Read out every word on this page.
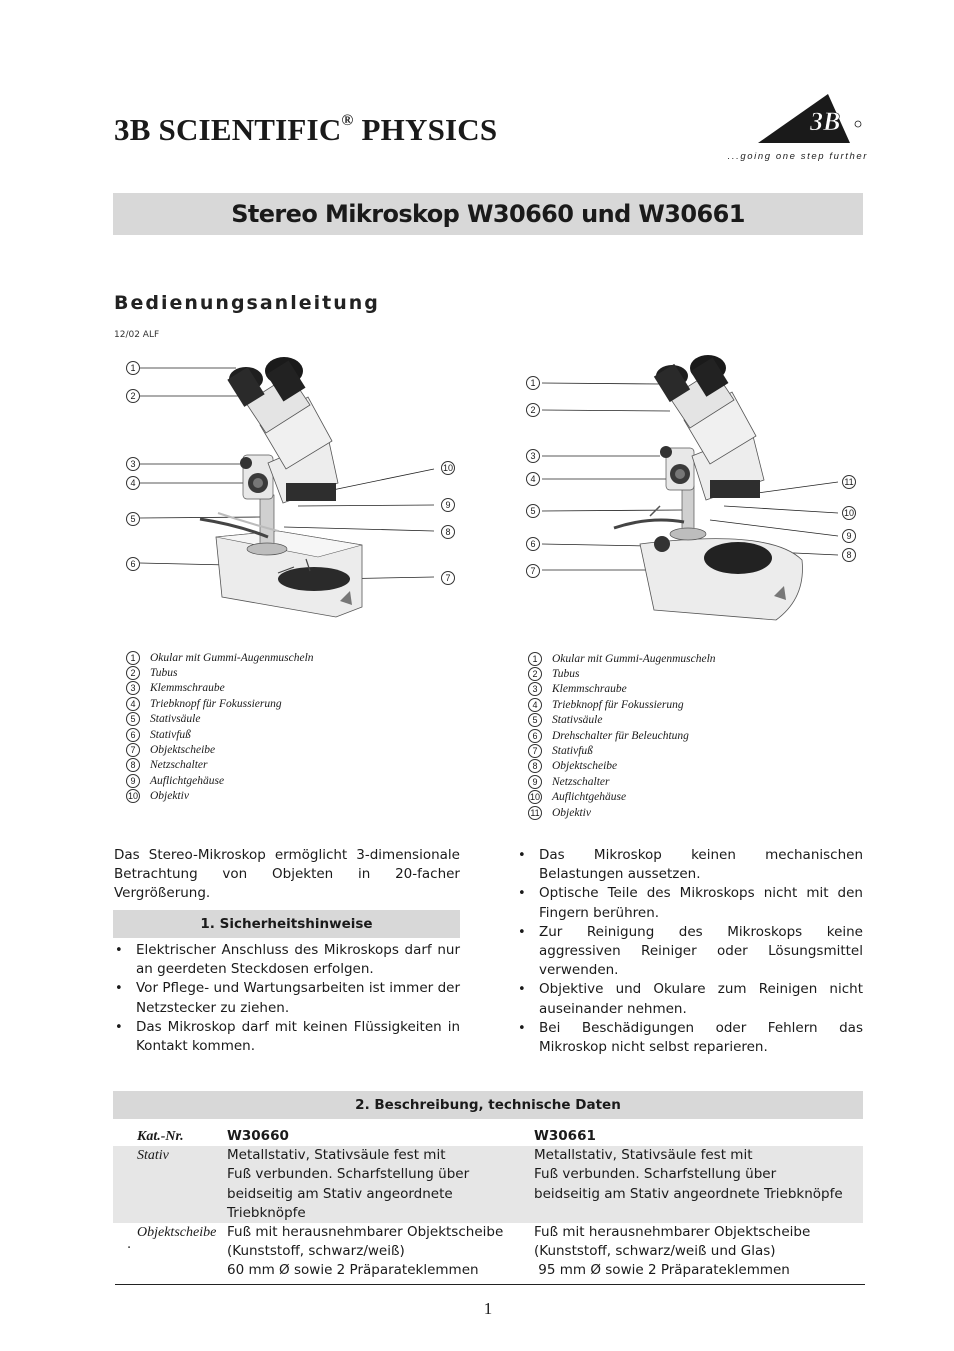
3B SCIENTIFIC® PHYSICS	3B
...going one step further
Stereo Mikroskop W30660 und W30661
Bedienungsanleitung
12/02 ALF
1
2
3
4
5
6
10
9
8
7
1
2
3
4
5
6
7
11
10
9
8
1	Okular mit Gummi-Augenmuscheln
2	Tubus
3	Klemmschraube
4	Triebknopf für Fokussierung
5	Stativsäule
6	Stativfuß
7	Objektscheibe
8	Netzschalter
9	Auflichtgehäuse
10 Objektiv
1	Okular mit Gummi-Augenmuscheln
2	Tubus
3	Klemmschraube
4	Triebknopf für Fokussierung
5	Stativsäule
6	Drehschalter für Beleuchtung
7	Stativfuß
8	Objektscheibe
9	Netzschalter
10 Auflichtgehäuse
11 Objektiv

Das Stereo-Mikroskop ermöglicht 3-dimensionale Betrachtung von Objekten in 20-facher Vergrößerung.

1. Sicherheitshinweise
• Elektrischer Anschluss des Mikroskops darf nur an geerdeten Steckdosen erfolgen.
• Vor Pflege- und Wartungsarbeiten ist immer der Netzstecker zu ziehen.
• Das Mikroskop darf mit keinen Flüssigkeiten in Kontakt kommen.
• Das Mikroskop keinen mechanischen Belastungen aussetzen.
• Optische Teile des Mikroskops nicht mit den Fingern berühren.
• Zur Reinigung des Mikroskops keine aggressiven Reiniger oder Lösungsmittel verwenden.
• Objektive und Okulare zum Reinigen nicht auseinander nehmen.
• Bei Beschädigungen oder Fehlern das Mikroskop nicht selbst reparieren.
2. Beschreibung, technische Daten
Kat.-Nr.	W30660	W30661
Stativ	Metallstativ, Stativsäule fest mit	Metallstativ, Stativsäule fest mit
	Fuß verbunden. Scharfstellung über	Fuß verbunden. Scharfstellung über
	beidseitig am Stativ angeordnete Triebknöpfe	beidseitig am Stativ angeordnete Triebknöpfe
Objektscheibe	Fuß mit herausnehmbarer Objektscheibe	Fuß mit herausnehmbarer Objektscheibe
	(Kunststoff, schwarz/weiß)	(Kunststoff, schwarz/weiß und Glas)
	60 mm Ø sowie 2 Präparateklemmen	95 mm Ø sowie 2 Präparateklemmen
.
1
